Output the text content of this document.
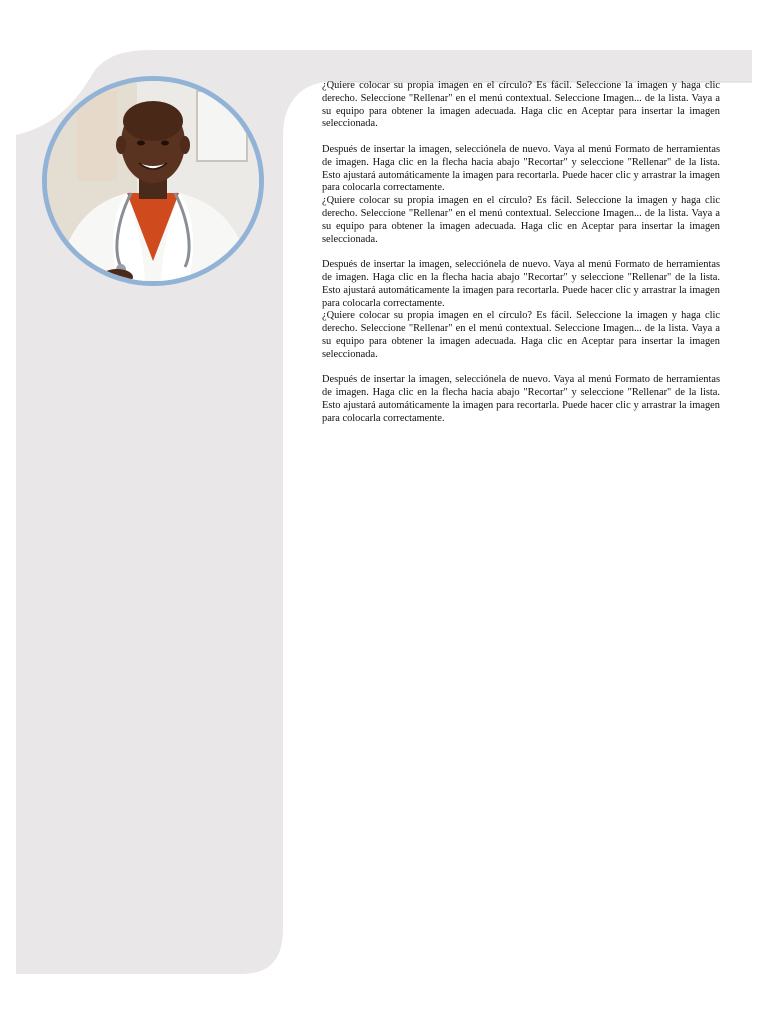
¿Quiere colocar su propia imagen en el círculo? Es fácil. Seleccione la imagen y haga clic derecho. Seleccione "Rellenar" en el menú contextual. Seleccione Imagen... de la lista. Vaya a su equipo para obtener la imagen adecuada. Haga clic en Aceptar para insertar la imagen seleccionada.

Después de insertar la imagen, selecciónela de nuevo. Vaya al menú Formato de herramientas de imagen. Haga clic en la flecha hacia abajo "Recortar" y seleccione "Rellenar" de la lista. Esto ajustará automáticamente la imagen para recortarla. Puede hacer clic y arrastrar la imagen para colocarla correctamente.

¿Quiere colocar su propia imagen en el círculo? Es fácil. Seleccione la imagen y haga clic derecho. Seleccione "Rellenar" en el menú contextual. Seleccione Imagen... de la lista. Vaya a su equipo para obtener la imagen adecuada. Haga clic en Aceptar para insertar la imagen seleccionada.

Después de insertar la imagen, selecciónela de nuevo. Vaya al menú Formato de herramientas de imagen. Haga clic en la flecha hacia abajo "Recortar" y seleccione "Rellenar" de la lista. Esto ajustará automáticamente la imagen para recortarla. Puede hacer clic y arrastrar la imagen para colocarla correctamente.

¿Quiere colocar su propia imagen en el círculo? Es fácil. Seleccione la imagen y haga clic derecho. Seleccione "Rellenar" en el menú contextual. Seleccione Imagen... de la lista. Vaya a su equipo para obtener la imagen adecuada. Haga clic en Aceptar para insertar la imagen seleccionada.

Después de insertar la imagen, selecciónela de nuevo. Vaya al menú Formato de herramientas de imagen. Haga clic en la flecha hacia abajo "Recortar" y seleccione "Rellenar" de la lista. Esto ajustará automáticamente la imagen para recortarla. Puede hacer clic y arrastrar la imagen para colocarla correctamente.
